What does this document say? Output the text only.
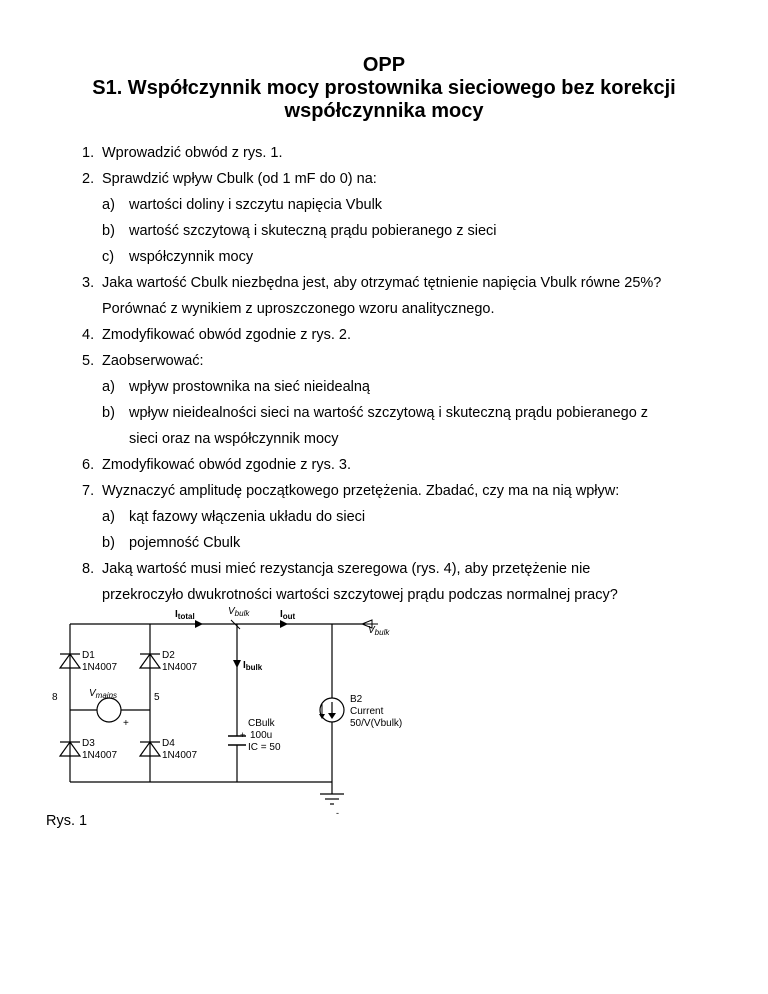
OPP
S1. Współczynnik mocy prostownika sieciowego bez korekcji
współczynnika mocy
1. Wprowadzić obwód z rys. 1.
2. Sprawdzić wpływ Cbulk (od 1 mF do 0) na:
a) wartości doliny i szczytu napięcia Vbulk
b) wartość szczytową i skuteczną prądu pobieranego z sieci
c) współczynnik mocy
3. Jaka wartość Cbulk niezbędna jest, aby otrzymać tętnienie napięcia Vbulk równe 25%?
Porównać z wynikiem z uproszczonego wzoru analitycznego.
4. Zmodyfikować obwód zgodnie z rys. 2.
5. Zaobserwować:
a) wpływ prostownika na sieć nieidealną
b) wpływ nieidealności sieci na wartość szczytową i skuteczną prądu pobieranego z
sieci oraz na współczynnik mocy
6. Zmodyfikować obwód zgodnie z rys. 3.
7. Wyznaczyć amplitudę początkowego przetężenia. Zbadać, czy ma na nią wpływ:
a) kąt fazowy włączenia układu do sieci
b) pojemność Cbulk
8. Jaką wartość musi mieć rezystancja szeregowa (rys. 4), aby przetężenie nie
przekroczyło dwukrotności wartości szczytowej prądu podczas normalnej pracy?
$I_{total}$	$V_{bulk}$	$I_{out}$
$V_{bulk}$
$I_{bulk}$
D1
1N4007
D2
1N4007
D3
1N4007
D4
1N4007
8	5
$V_{mains}$
+	CBulk
+ 100u
IC = 50
B2
Current
50/V(Vbulk)
-
Rys. 1
